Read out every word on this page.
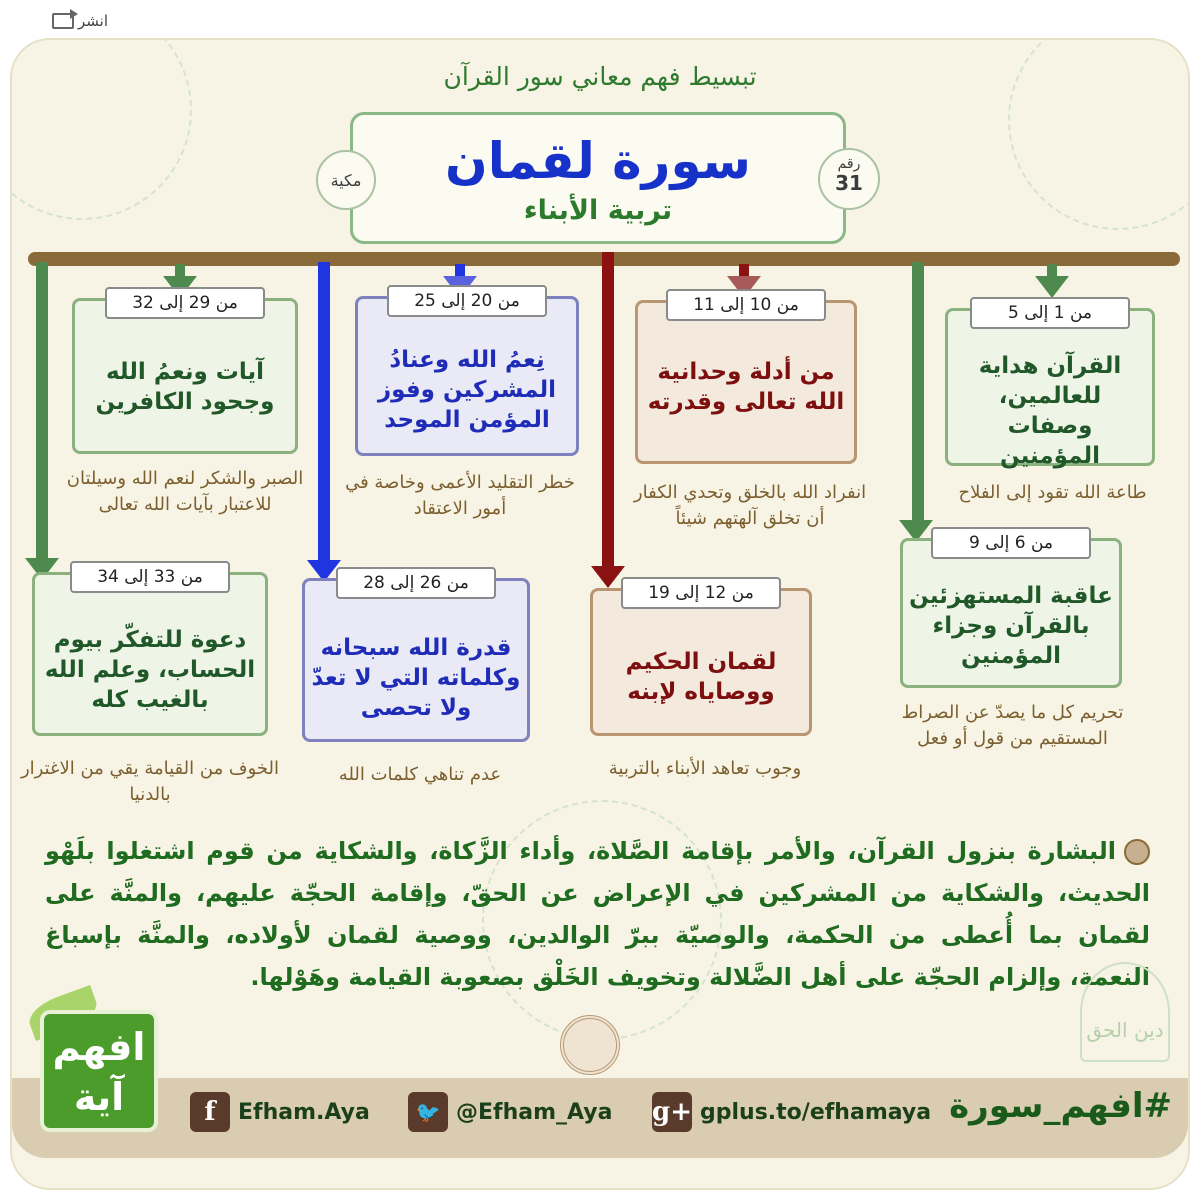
انشر
تبسيط فهم معاني سور القرآن
سورة لقمان
تربية الأبناء
رقم
31
مكية
من 1 إلى 5
القرآن هداية للعالمين، وصفات المؤمنين
طاعة الله تقود إلى الفلاح
من 10 إلى 11
من أدلة وحدانية الله تعالى وقدرته
انفراد الله بالخلق وتحدي الكفار أن تخلق آلهتهم شيئاً
من 20 إلى 25
نِعمُ الله وعنادُ المشركين وفوز المؤمن الموحد
خطر التقليد الأعمى وخاصة في أمور الاعتقاد
من 29 إلى 32
آيات ونعمُ الله وجحود الكافرين
الصبر والشكر لنعم الله وسيلتان للاعتبار بآيات الله تعالى
من 6 إلى 9
عاقبة المستهزئين بالقرآن وجزاء المؤمنين
تحريم كل ما يصدّ عن الصراط المستقيم من قول أو فعل
من 12 إلى 19
لقمان الحكيم ووصاياه لإبنه
وجوب تعاهد الأبناء بالتربية
من 26 إلى 28
قدرة الله سبحانه وكلماته التي لا تعدّ ولا تحصى
عدم تناهي كلمات الله
من 33 إلى 34
دعوة للتفكّر بيوم الحساب، وعلم الله بالغيب كله
الخوف من القيامة يقي من الاغترار بالدنيا
البشارة بنزول القرآن، والأمر بإقامة الصَّلاة، وأداء الزَّكاة، والشكاية من قوم اشتغلوا بلَهْو الحديث، والشكاية من المشركين في الإعراض عن الحقّ، وإقامة الحجّة عليهم، والمنَّة على لقمان بما أُعطى من الحكمة، والوصيّة ببرّ الوالدين، ووصية لقمان لأولاده، والمنَّة بإسباغ النعمة، وإلزام الحجّة على أهل الضَّلالة وتخويف الخَلْق بصعوبة القيامة وهَوْلها.
دين الحق
افهم
آية	f	Efham.Aya	🐦 @Efham_Aya g+ gplus.to/efhamaya #افهم_سورة
